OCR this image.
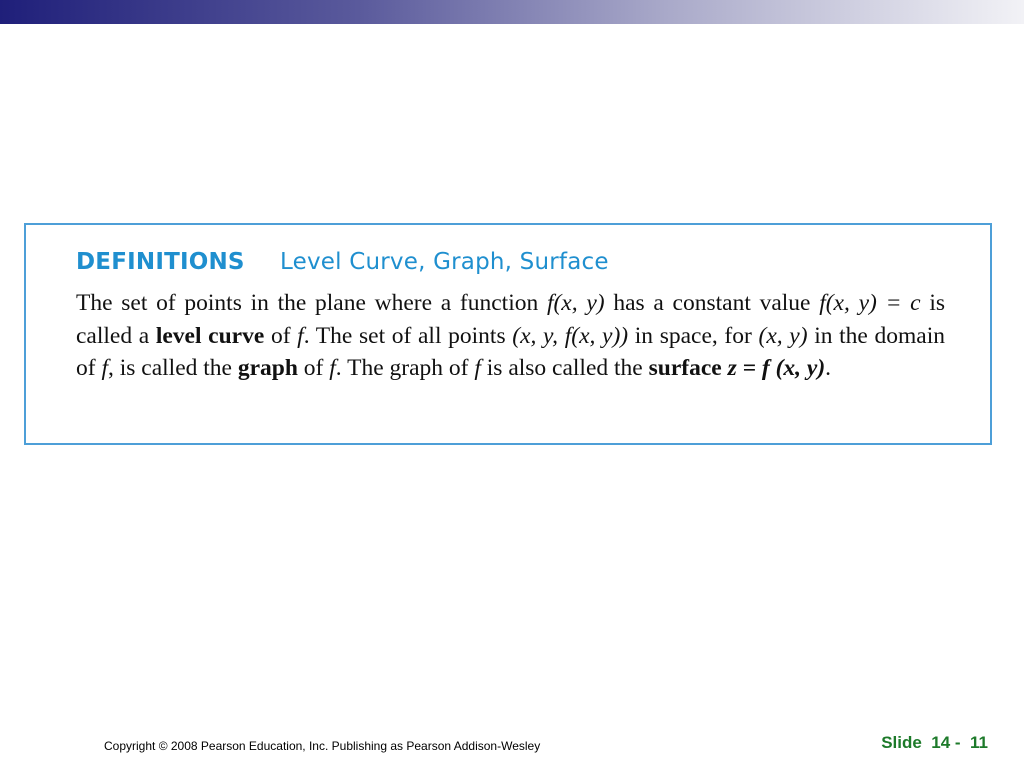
DEFINITIONS Level Curve, Graph, Surface
The set of points in the plane where a function f(x, y) has a constant value f(x, y) = c is called a level curve of f. The set of all points (x, y, f(x, y)) in space, for (x, y) in the domain of f, is called the graph of f. The graph of f is also called the surface z = f (x, y).
Copyright © 2008 Pearson Education, Inc. Publishing as Pearson Addison-Wesley	Slide  14 -  11
